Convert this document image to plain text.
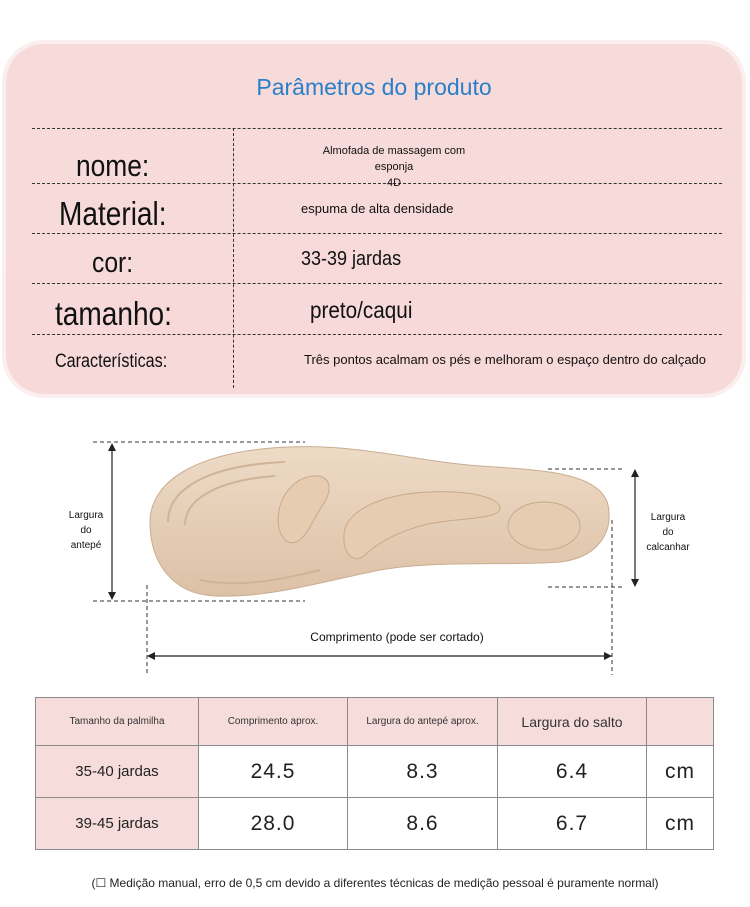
Parâmetros do produto
nome:	Almofada de massagem com esponja
4D
Material:	espuma de alta densidade
cor:	33-39 jardas
tamanho:	preto/caqui
Características:	Três pontos acalmam os pés e melhoram o espaço dentro do calçado
Largura
do
antepé
Largura
do
calcanhar
Comprimento (pode ser cortado)
Tamanho da palmilha	Comprimento aprox.	Largura do antepé aprox.	Largura do salto	
35-40 jardas	24.5	8.3	6.4	cm
39-45 jardas	28.0	8.6	6.7	cm
(☐ Medição manual, erro de 0,5 cm devido a diferentes técnicas de medição pessoal é puramente normal)
